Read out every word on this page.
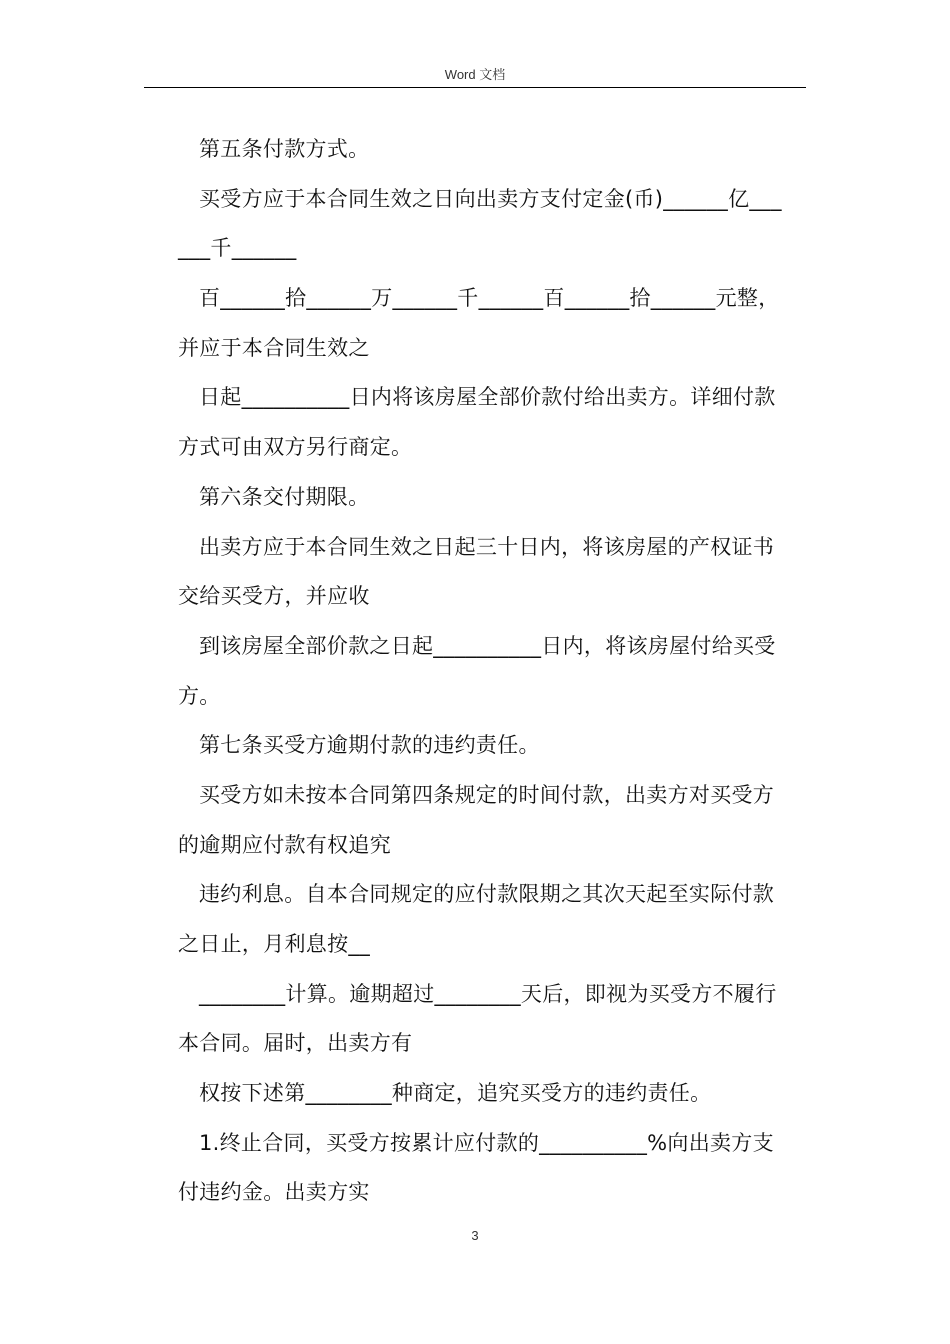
Word 文档
第五条付款方式。
买受方应于本合同生效之日向出卖方支付定金(币)______亿___
___千______
百______拾______万______千______百______拾______元整，
并应于本合同生效之
日起__________日内将该房屋全部价款付给出卖方。详细付款
方式可由双方另行商定。
第六条交付期限。
出卖方应于本合同生效之日起三十日内，将该房屋的产权证书
交给买受方，并应收
到该房屋全部价款之日起__________日内，将该房屋付给买受
方。
第七条买受方逾期付款的违约责任。
买受方如未按本合同第四条规定的时间付款，出卖方对买受方
的逾期应付款有权追究
违约利息。自本合同规定的应付款限期之其次天起至实际付款
之日止，月利息按__
________计算。逾期超过________天后，即视为买受方不履行
本合同。届时，出卖方有
权按下述第________种商定，追究买受方的违约责任。
1.终止合同，买受方按累计应付款的__________%向出卖方支
付违约金。出卖方实
3
